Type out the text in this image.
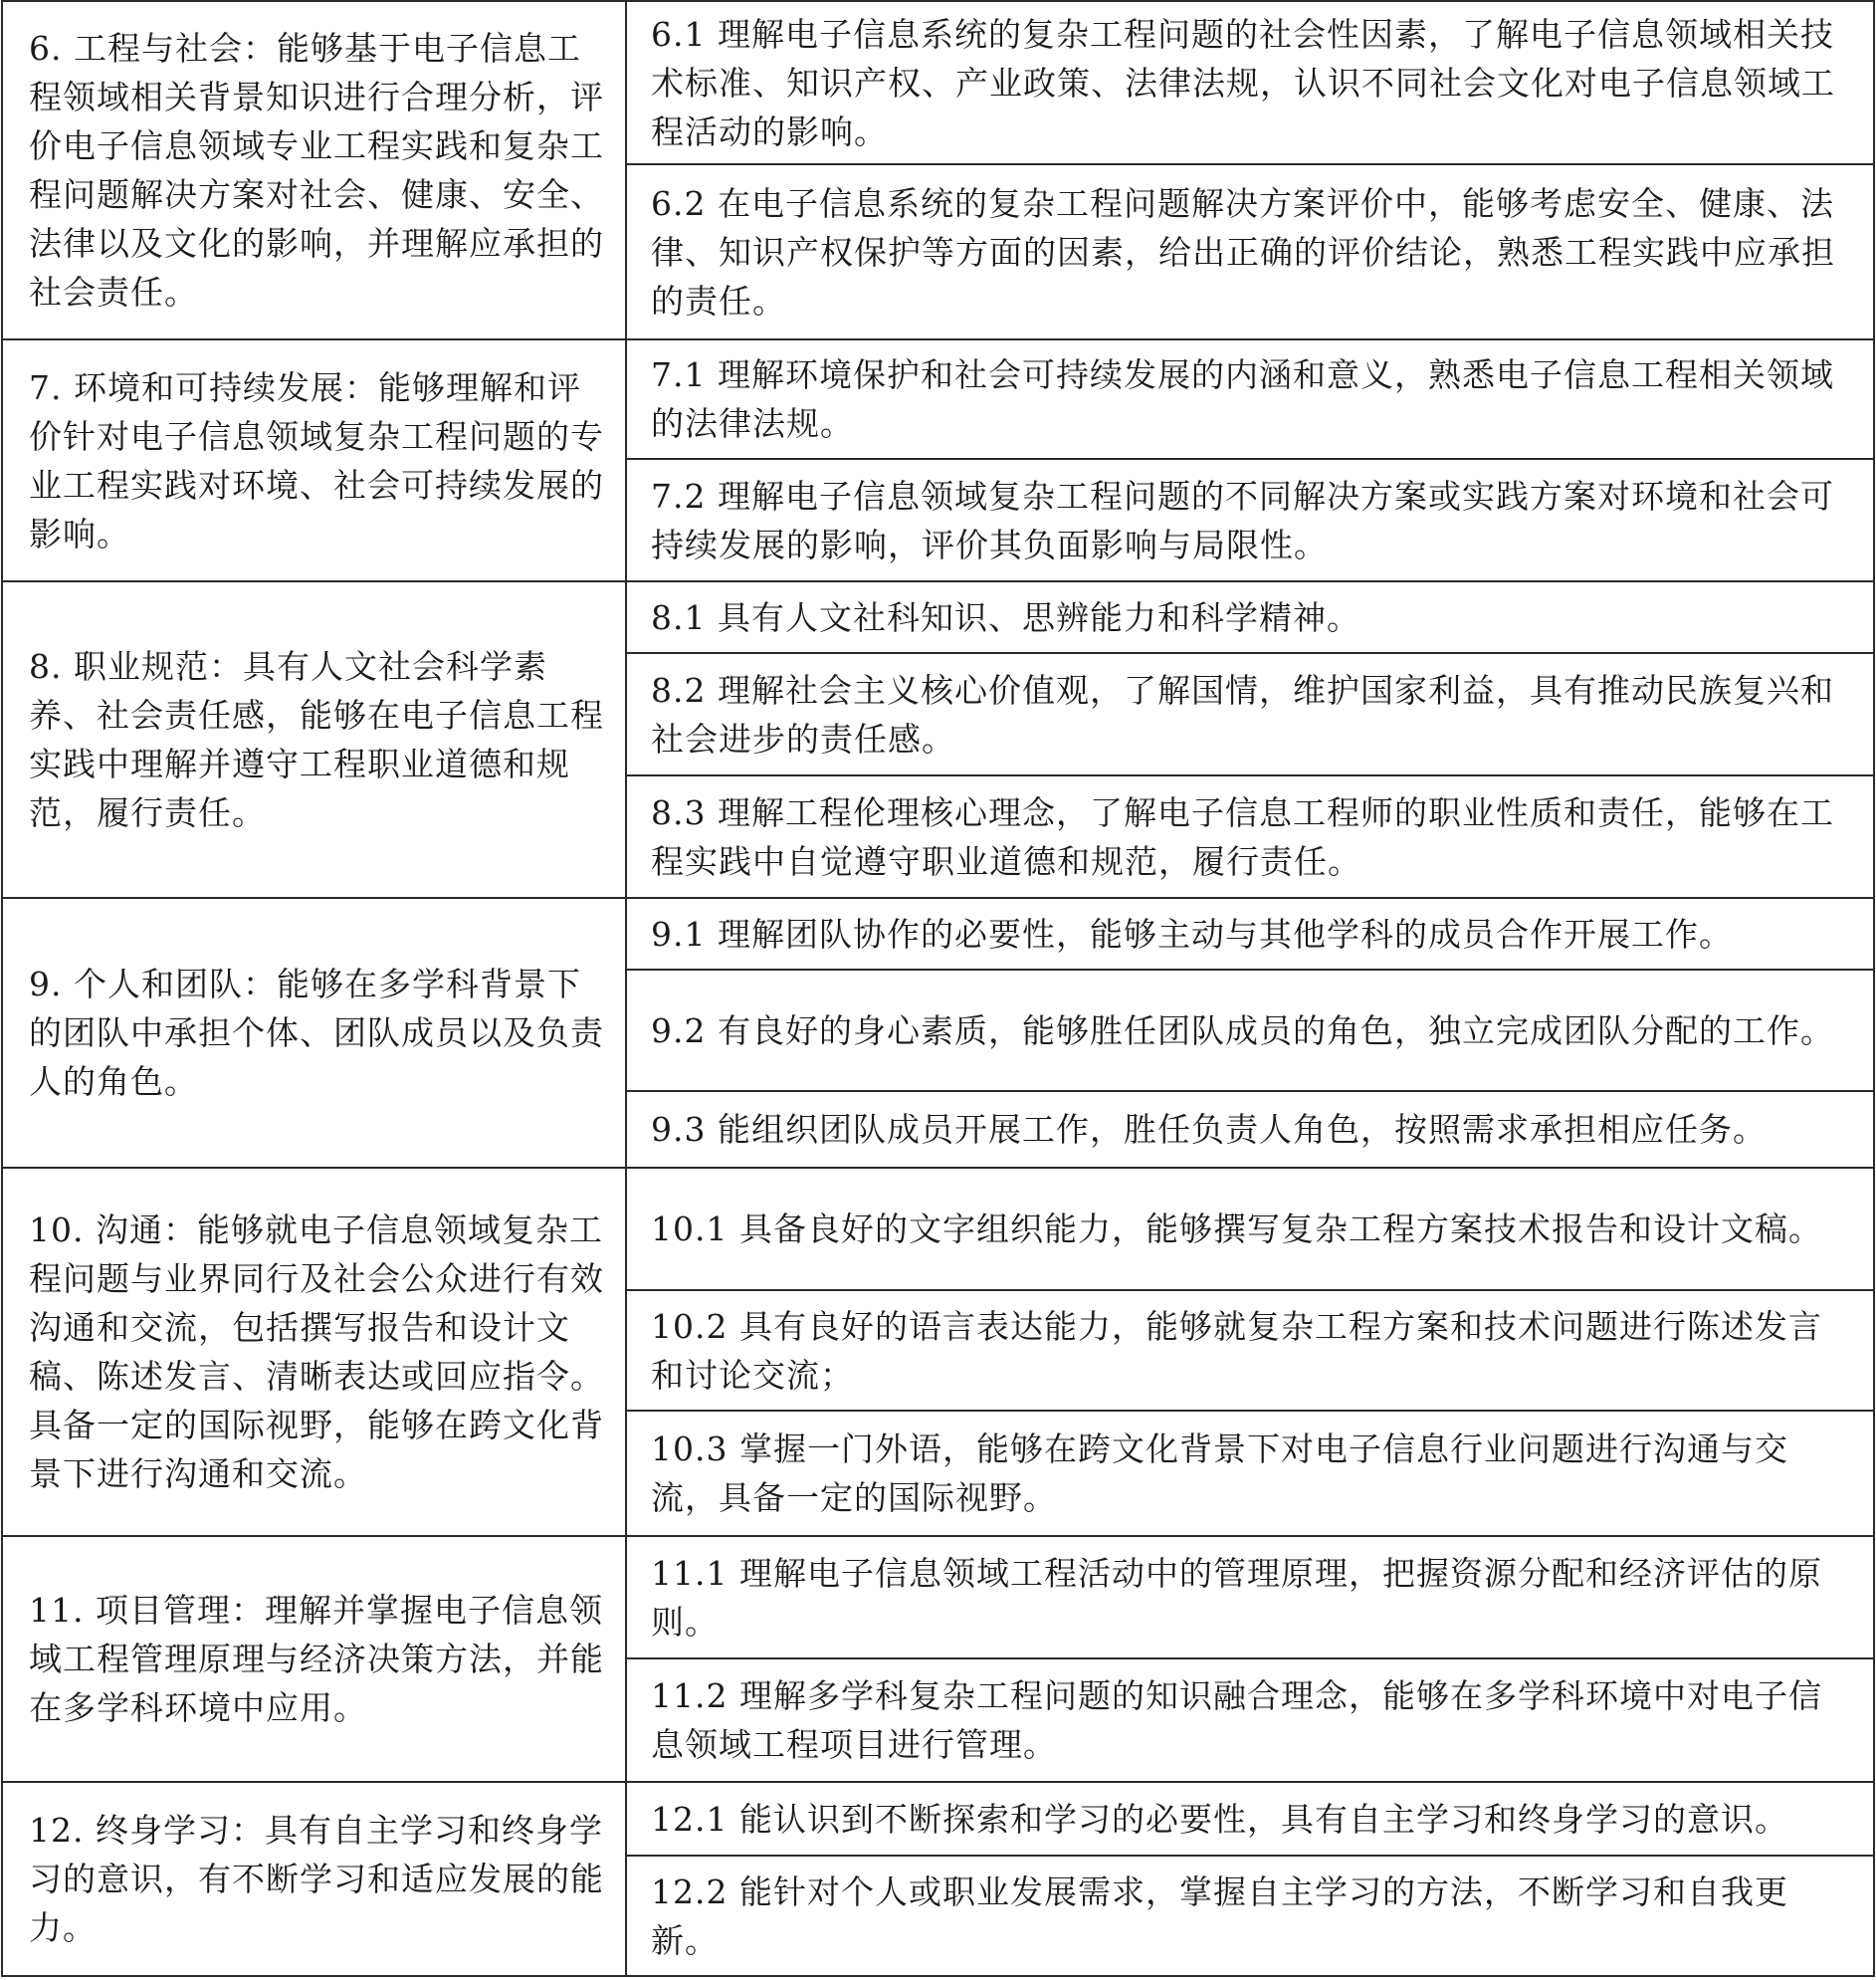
6. 工程与社会：能够基于电子信息工程领域相关背景知识进行合理分析，评价电子信息领域专业工程实践和复杂工程问题解决方案对社会、健康、安全、法律以及文化的影响，并理解应承担的社会责任。	6.1 理解电子信息系统的复杂工程问题的社会性因素，了解电子信息领域相关技术标准、知识产权、产业政策、法律法规，认识不同社会文化对电子信息领域工程活动的影响。
	6.2 在电子信息系统的复杂工程问题解决方案评价中，能够考虑安全、健康、法律、知识产权保护等方面的因素，给出正确的评价结论，熟悉工程实践中应承担的责任。
7. 环境和可持续发展：能够理解和评价针对电子信息领域复杂工程问题的专业工程实践对环境、社会可持续发展的影响。	7.1 理解环境保护和社会可持续发展的内涵和意义，熟悉电子信息工程相关领域的法律法规。
	7.2 理解电子信息领域复杂工程问题的不同解决方案或实践方案对环境和社会可持续发展的影响，评价其负面影响与局限性。
8. 职业规范：具有人文社会科学素养、社会责任感，能够在电子信息工程实践中理解并遵守工程职业道德和规范，履行责任。	8.1 具有人文社科知识、思辨能力和科学精神。
	8.2 理解社会主义核心价值观，了解国情，维护国家利益，具有推动民族复兴和社会进步的责任感。
	8.3 理解工程伦理核心理念，了解电子信息工程师的职业性质和责任，能够在工程实践中自觉遵守职业道德和规范，履行责任。
9. 个人和团队：能够在多学科背景下的团队中承担个体、团队成员以及负责人的角色。	9.1 理解团队协作的必要性，能够主动与其他学科的成员合作开展工作。
	9.2 有良好的身心素质，能够胜任团队成员的角色，独立完成团队分配的工作。
	9.3 能组织团队成员开展工作，胜任负责人角色，按照需求承担相应任务。
10. 沟通：能够就电子信息领域复杂工程问题与业界同行及社会公众进行有效沟通和交流，包括撰写报告和设计文稿、陈述发言、清晰表达或回应指令。具备一定的国际视野，能够在跨文化背景下进行沟通和交流。	10.1 具备良好的文字组织能力，能够撰写复杂工程方案技术报告和设计文稿。
	10.2 具有良好的语言表达能力，能够就复杂工程方案和技术问题进行陈述发言和讨论交流；
	10.3 掌握一门外语，能够在跨文化背景下对电子信息行业问题进行沟通与交流，具备一定的国际视野。
11. 项目管理：理解并掌握电子信息领域工程管理原理与经济决策方法，并能在多学科环境中应用。	11.1 理解电子信息领域工程活动中的管理原理，把握资源分配和经济评估的原则。
	11.2 理解多学科复杂工程问题的知识融合理念，能够在多学科环境中对电子信息领域工程项目进行管理。
12. 终身学习：具有自主学习和终身学习的意识，有不断学习和适应发展的能力。	12.1 能认识到不断探索和学习的必要性，具有自主学习和终身学习的意识。
	12.2 能针对个人或职业发展需求，掌握自主学习的方法，不断学习和自我更新。
